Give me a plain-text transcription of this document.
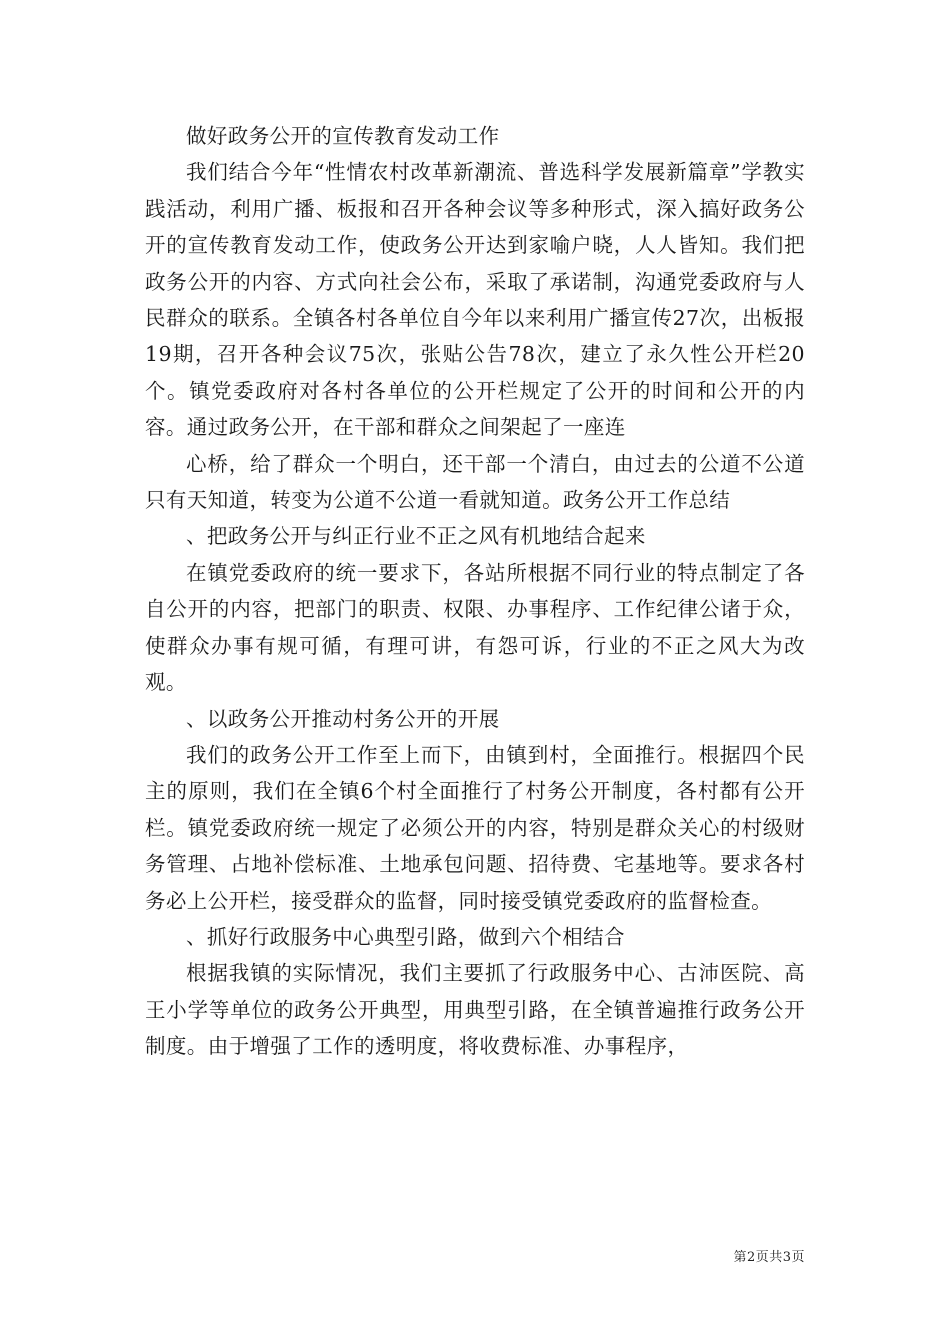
做好政务公开的宣传教育发动工作

我们结合今年“性情农村改革新潮流、普选科学发展新篇章”学教实践活动，利用广播、板报和召开各种会议等多种形式，深入搞好政务公开的宣传教育发动工作，使政务公开达到家喻户晓，人人皆知。我们把政务公开的内容、方式向社会公布，采取了承诺制，沟通党委政府与人民群众的联系。全镇各村各单位自今年以来利用广播宣传27次，出板报19期，召开各种会议75次，张贴公告78次，建立了永久性公开栏20个。镇党委政府对各村各单位的公开栏规定了公开的时间和公开的内容。通过政务公开，在干部和群众之间架起了一座连

心桥，给了群众一个明白，还干部一个清白，由过去的公道不公道只有天知道，转变为公道不公道一看就知道。政务公开工作总结

、把政务公开与纠正行业不正之风有机地结合起来

在镇党委政府的统一要求下，各站所根据不同行业的特点制定了各自公开的内容，把部门的职责、权限、办事程序、工作纪律公诸于众，使群众办事有规可循，有理可讲，有怨可诉，行业的不正之风大为改观。

、以政务公开推动村务公开的开展

我们的政务公开工作至上而下，由镇到村，全面推行。根据四个民主的原则，我们在全镇6个村全面推行了村务公开制度，各村都有公开栏。镇党委政府统一规定了必须公开的内容，特别是群众关心的村级财务管理、占地补偿标准、土地承包问题、招待费、宅基地等。要求各村务必上公开栏，接受群众的监督，同时接受镇党委政府的监督检查。

、抓好行政服务中心典型引路，做到六个相结合

根据我镇的实际情况，我们主要抓了行政服务中心、古沛医院、高王小学等单位的政务公开典型，用典型引路，在全镇普遍推行政务公开制度。由于增强了工作的透明度，将收费标准、办事程序，

第2页共3页
